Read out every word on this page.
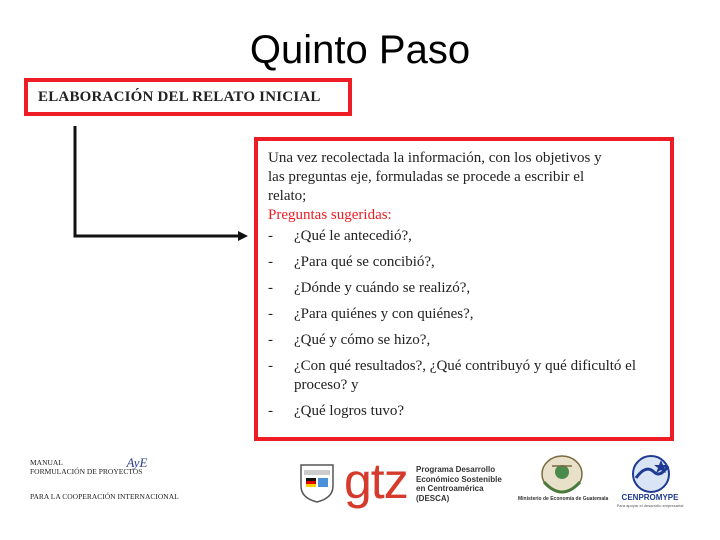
Quinto Paso
ELABORACIÓN DEL RELATO INICIAL

Una vez recolectada la información, con los objetivos y
las preguntas eje, formuladas se procede a escribir el
relato;

Preguntas sugeridas:

-	¿Qué le antecedió?,
-	¿Para qué se concibió?,
-	¿Dónde y cuándo se realizó?,
-	¿Para quiénes y con quiénes?,
-	¿Qué y cómo se hizo?,
-	¿Con qué resultados?, ¿Qué contribuyó y qué dificultó el proceso? y
-	¿Qué logros tuvo?
MANUAL
FORMULACIÓN DE PROYECTOS
PARA LA COOPERACIÓN INTERNACIONAL
AyE	gtz Programa Desarrollo
Económico Sostenible
en Centroamérica
(DESCA)	Ministerio de Economía de Guatemala	CENPROMYPE
Para apoyar el desarrollo empresarial
